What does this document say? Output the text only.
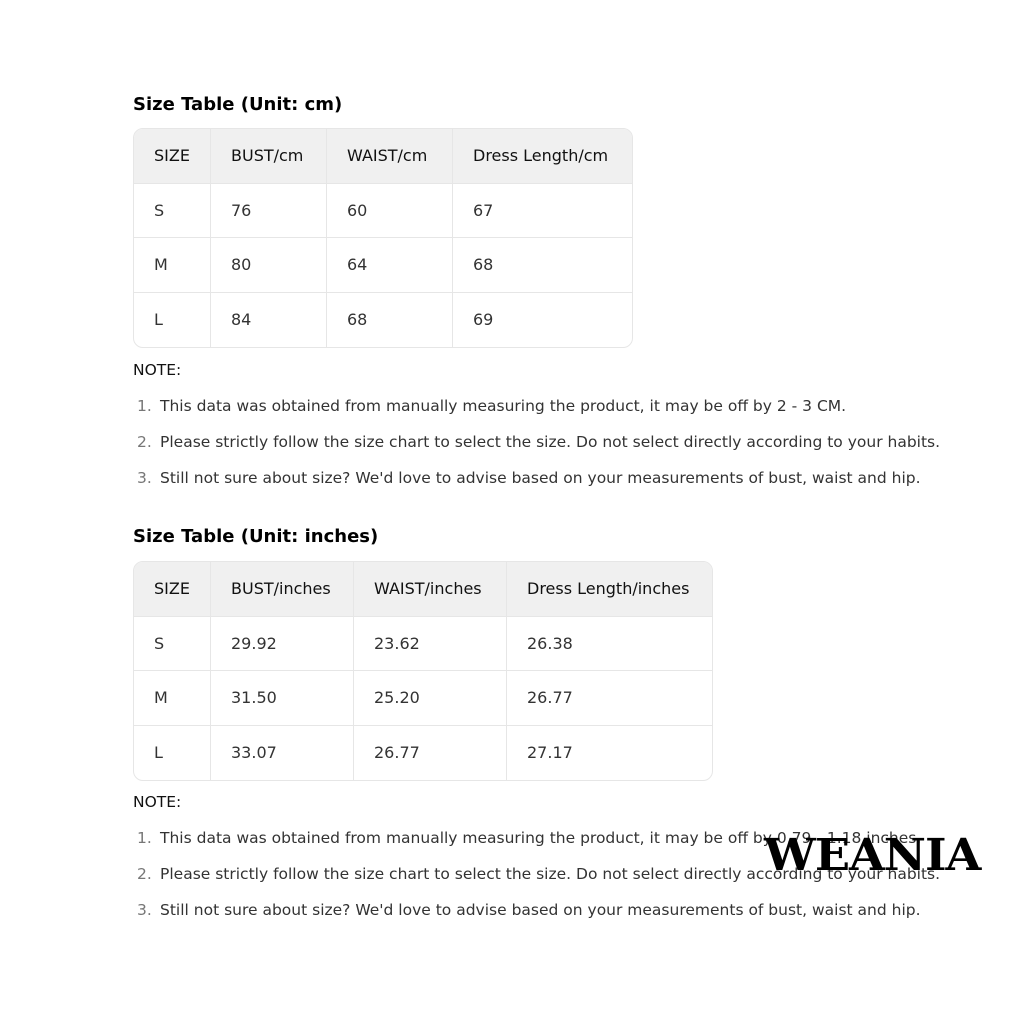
Size Table (Unit: cm)
SIZE	BUST/cm	WAIST/cm	Dress Length/cm
S	76	60	67
M	80	64	68
L	84	68	69
NOTE:
1. This data was obtained from manually measuring the product, it may be off by 2 - 3 CM.
2. Please strictly follow the size chart to select the size. Do not select directly according to your habits.
3. Still not sure about size? We'd love to advise based on your measurements of bust, waist and hip.
Size Table (Unit: inches)
SIZE	BUST/inches	WAIST/inches	Dress Length/inches
S	29.92	23.62	26.38
M	31.50	25.20	26.77
L	33.07	26.77	27.17
NOTE:
1. This data was obtained from manually measuring the product, it may be off by 0.79 - 1.18 inches.
2. Please strictly follow the size chart to select the size. Do not select directly according to your habits.
3. Still not sure about size? We'd love to advise based on your measurements of bust, waist and hip.
WEANIA
